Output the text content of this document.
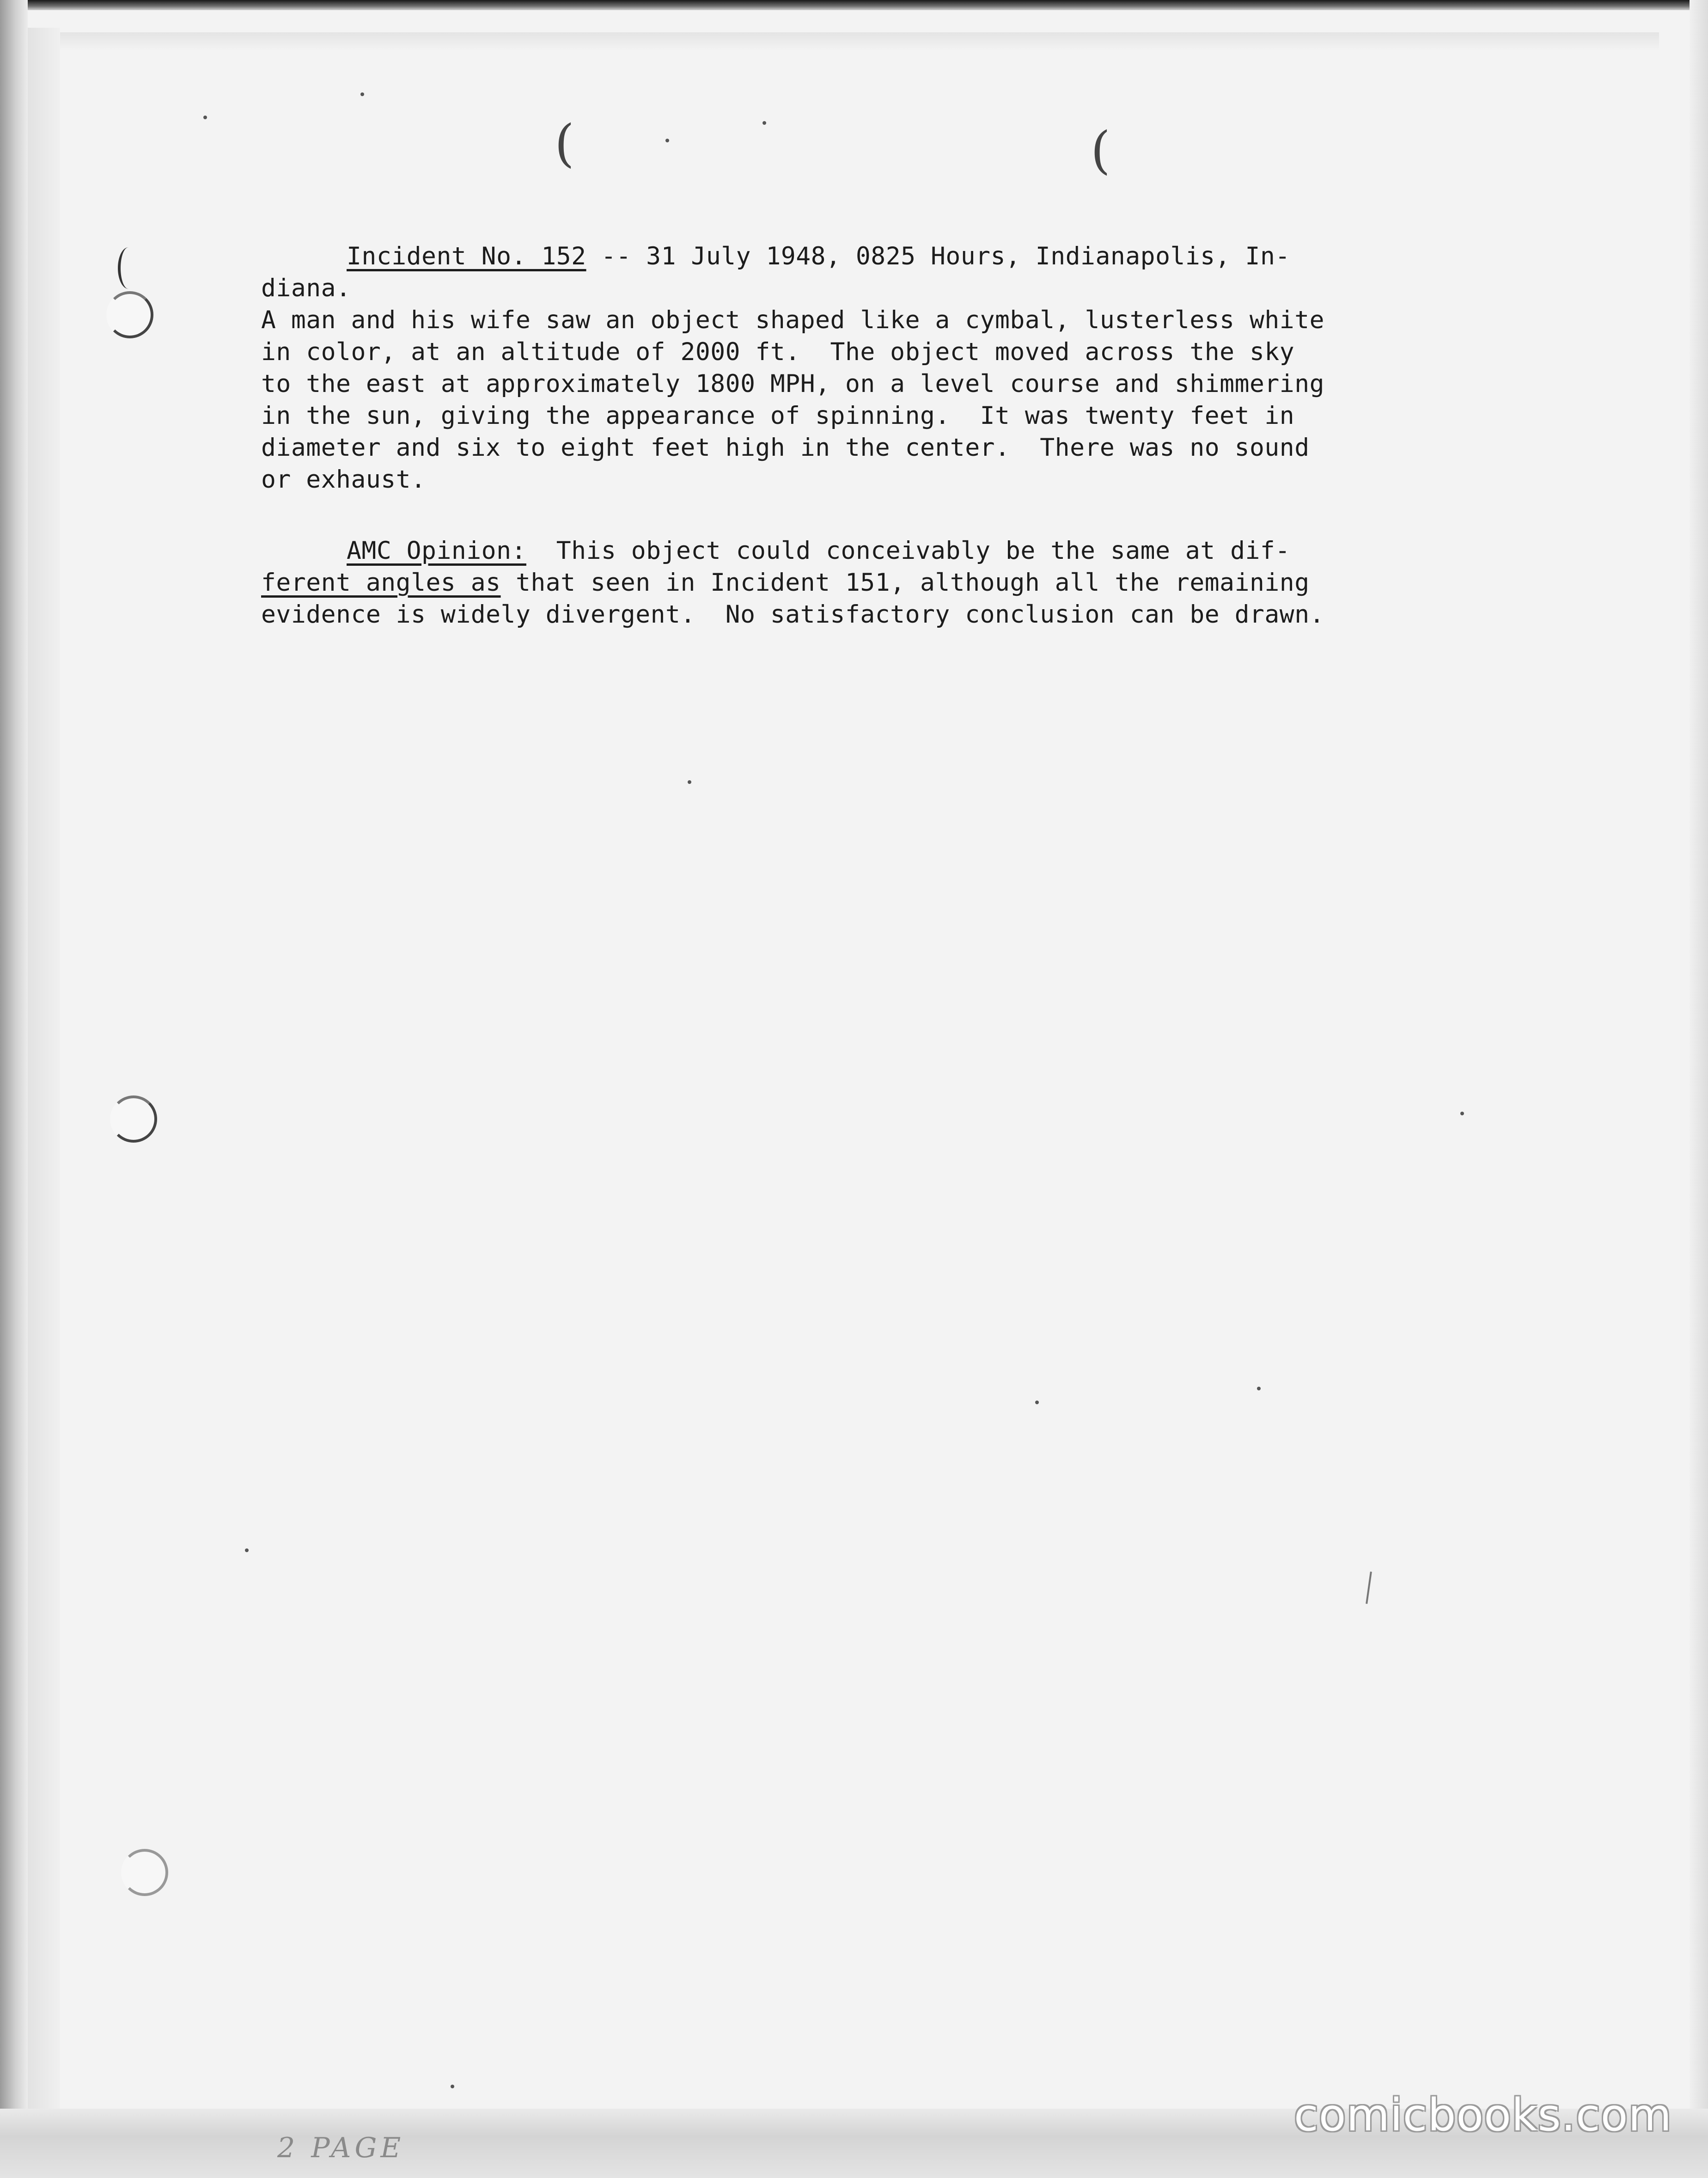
(	(
Incident No. 152 -- 31 July 1948, 0825 Hours, Indianapolis, In-
diana.
A man and his wife saw an object shaped like a cymbal, lusterless white
in color, at an altitude of 2000 ft.  The object moved across the sky
to the east at approximately 1800 MPH, on a level course and shimmering
in the sun, giving the appearance of spinning.  It was twenty feet in
diameter and six to eight feet high in the center.  There was no sound
or exhaust.
AMC Opinion:  This object could conceivably be the same at dif-
ferent angles as that seen in Incident 151, although all the remaining
evidence is widely divergent.  No satisfactory conclusion can be drawn.
2 PAGE
comicbooks.com
